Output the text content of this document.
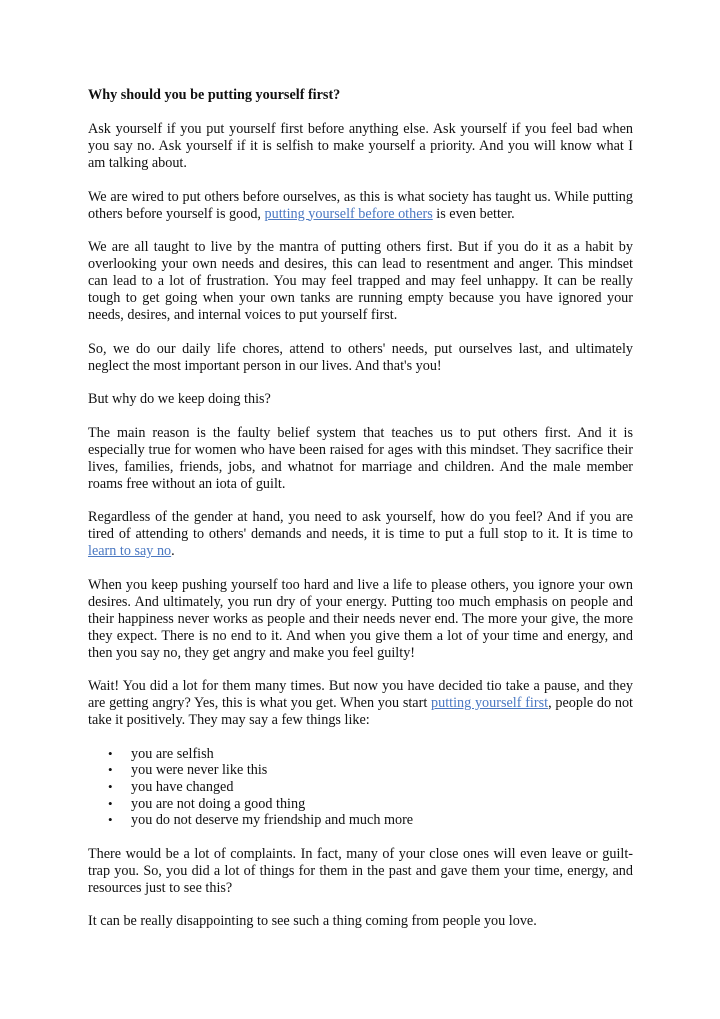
Why should you be putting yourself first?

Ask yourself if you put yourself first before anything else. Ask yourself if you feel bad when you say no. Ask yourself if it is selfish to make yourself a priority. And you will know what I am talking about.

We are wired to put others before ourselves, as this is what society has taught us. While putting others before yourself is good, putting yourself before others is even better.

We are all taught to live by the mantra of putting others first. But if you do it as a habit by overlooking your own needs and desires, this can lead to resentment and anger. This mindset can lead to a lot of frustration. You may feel trapped and may feel unhappy. It can be really tough to get going when your own tanks are running empty because you have ignored your needs, desires, and internal voices to put yourself first.

So, we do our daily life chores, attend to others' needs, put ourselves last, and ultimately neglect the most important person in our lives. And that's you!

But why do we keep doing this?

The main reason is the faulty belief system that teaches us to put others first. And it is especially true for women who have been raised for ages with this mindset. They sacrifice their lives, families, friends, jobs, and whatnot for marriage and children. And the male member roams free without an iota of guilt.

Regardless of the gender at hand, you need to ask yourself, how do you feel? And if you are tired of attending to others' demands and needs, it is time to put a full stop to it. It is time to learn to say no.

When you keep pushing yourself too hard and live a life to please others, you ignore your own desires. And ultimately, you run dry of your energy. Putting too much emphasis on people and their happiness never works as people and their needs never end. The more your give, the more they expect. There is no end to it. And when you give them a lot of your time and energy, and then you say no, they get angry and make you feel guilty!

Wait! You did a lot for them many times. But now you have decided tio take a pause, and they are getting angry? Yes, this is what you get. When you start putting yourself first, people do not take it positively. They may say a few things like:

• you are selfish
• you were never like this
• you have changed
• you are not doing a good thing
• you do not deserve my friendship and much more

There would be a lot of complaints. In fact, many of your close ones will even leave or guilt-trap you. So, you did a lot of things for them in the past and gave them your time, energy, and resources just to see this?

It can be really disappointing to see such a thing coming from people you love.
